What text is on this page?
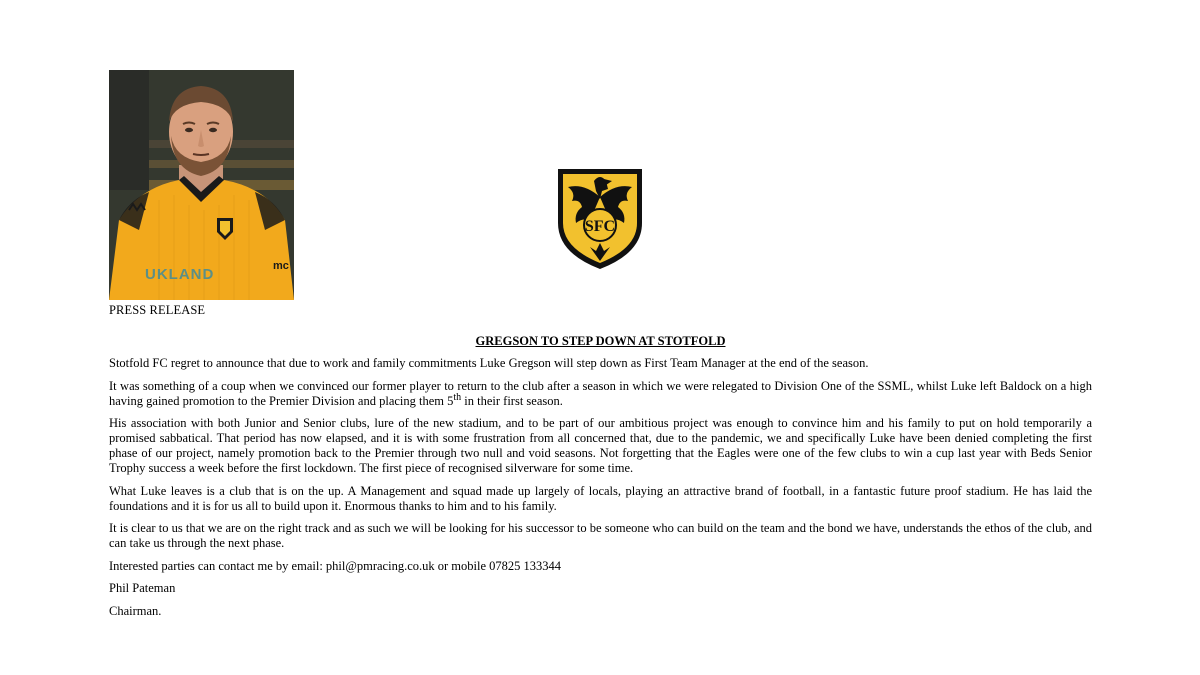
UKLAND	mc
SFC
PRESS RELEASE
GREGSON TO STEP DOWN AT STOTFOLD

Stotfold FC regret to announce that due to work and family commitments Luke Gregson will step down as First Team Manager at the end of the season.

It was something of a coup when we convinced our former player to return to the club after a season in which we were relegated to Division One of the SSML, whilst Luke left Baldock on a high having gained promotion to the Premier Division and placing them 5th in their first season.

His association with both Junior and Senior clubs, lure of the new stadium, and to be part of our ambitious project was enough to convince him and his family to put on hold temporarily a promised sabbatical. That period has now elapsed, and it is with some frustration from all concerned that, due to the pandemic, we and specifically Luke have been denied completing the first phase of our project, namely promotion back to the Premier through two null and void seasons. Not forgetting that the Eagles were one of the few clubs to win a cup last year with Beds Senior Trophy success a week before the first lockdown. The first piece of recognised silverware for some time.

What Luke leaves is a club that is on the up. A Management and squad made up largely of locals, playing an attractive brand of football, in a fantastic future proof stadium. He has laid the foundations and it is for us all to build upon it. Enormous thanks to him and to his family.

It is clear to us that we are on the right track and as such we will be looking for his successor to be someone who can build on the team and the bond we have, understands the ethos of the club, and can take us through the next phase.

Interested parties can contact me by email: phil@pmracing.co.uk or mobile 07825 133344

Phil Pateman

Chairman.
